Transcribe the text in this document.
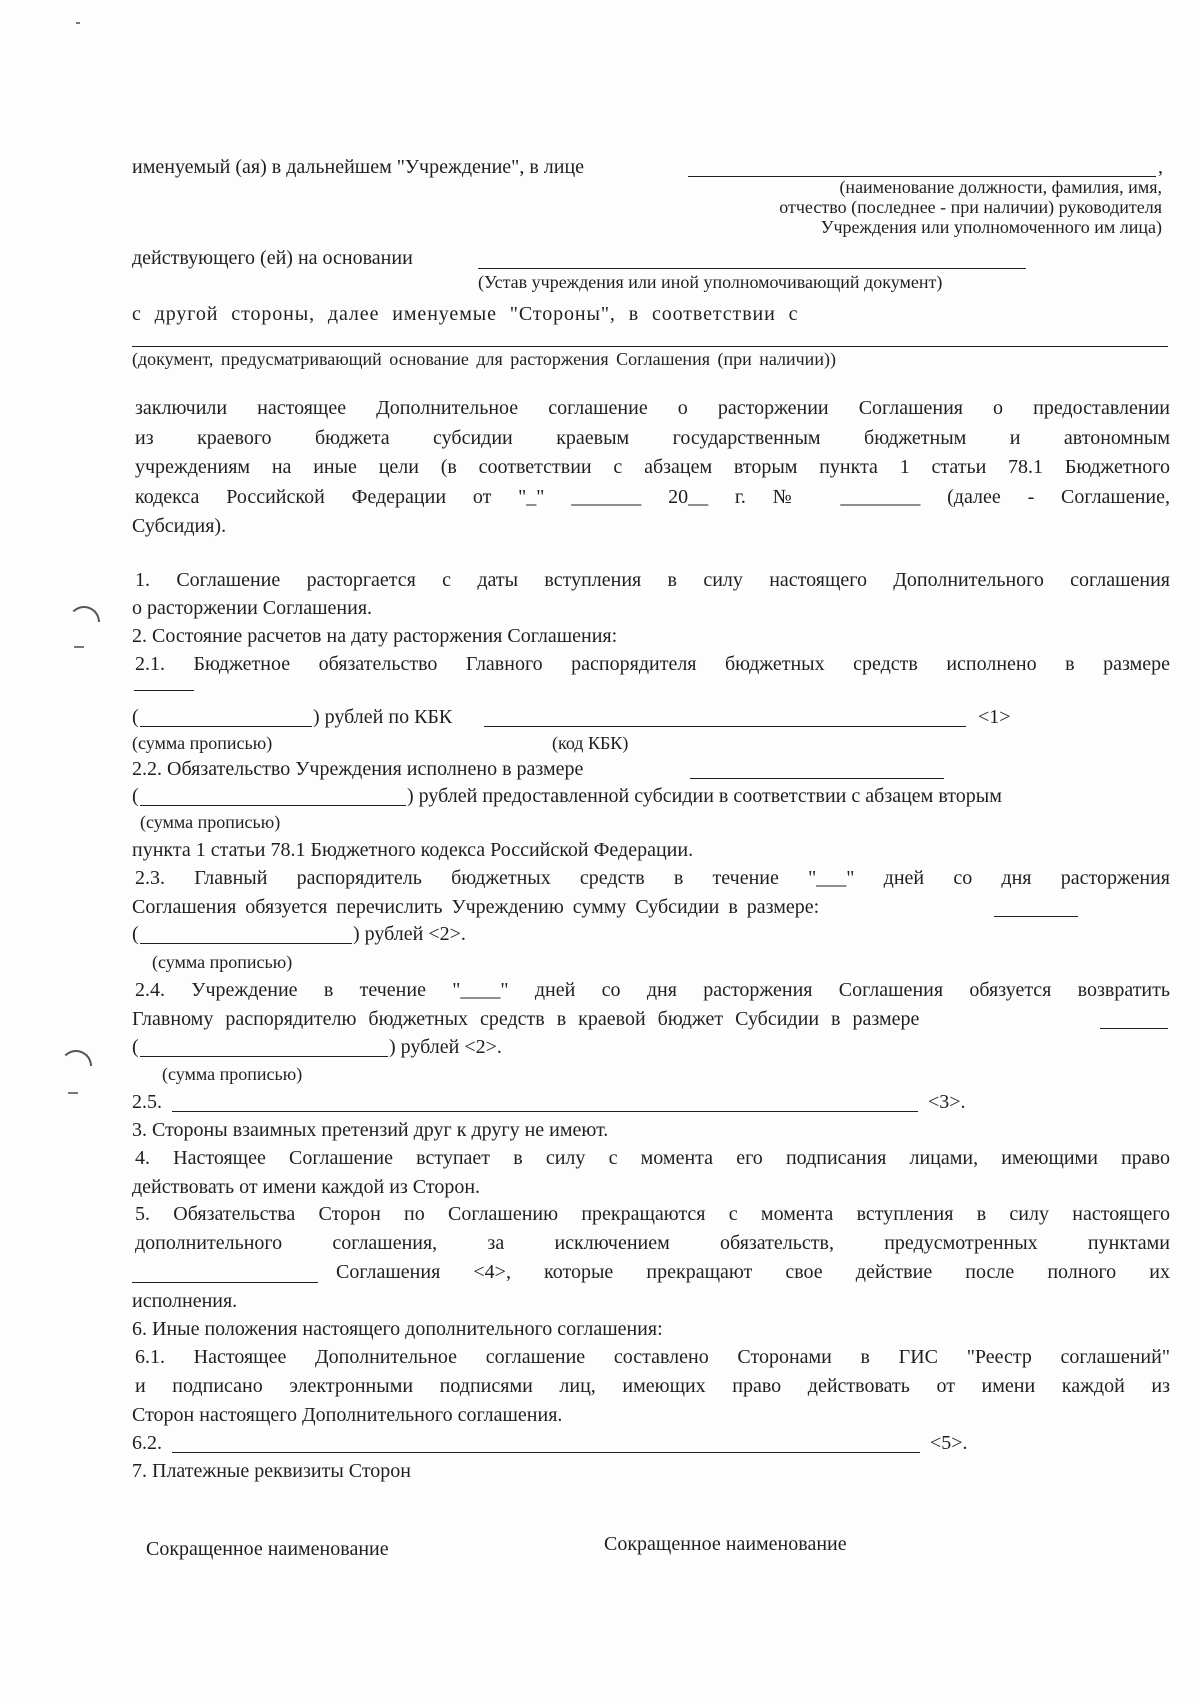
именуемый (ая) в дальнейшем "Учреждение", в лице	,
(наименование должности, фамилия, имя,
отчество (последнее - при наличии) руководителя
Учреждения или уполномоченного им лица)
действующего (ей) на основании
(Устав учреждения или иной уполномочивающий документ)
с другой стороны, далее именуемые "Стороны", в соответствии с
(документ, предусматривающий основание для расторжения Соглашения (при наличии))
заключили настоящее Дополнительное соглашение о расторжении Соглашения о предоставлении
из краевого бюджета субсидии краевым государственным бюджетным и автономным
учреждениям на иные цели (в соответствии с абзацем вторым пункта 1 статьи 78.1 Бюджетного
кодекса Российской Федерации от "_" _______ 20__ г. № ________ (далее - Соглашение,
Субсидия).
1. Соглашение расторгается с даты вступления в силу настоящего Дополнительного соглашения
о расторжении Соглашения.
2. Состояние расчетов на дату расторжения Соглашения:
2.1. Бюджетное обязательство Главного распорядителя бюджетных средств исполнено в размере
(	) рублей по КБК	<1>
(сумма прописью)	(код КБК)
2.2. Обязательство Учреждения исполнено в размере
(	) рублей предоставленной субсидии в соответствии с абзацем вторым
(сумма прописью)
пункта 1 статьи 78.1 Бюджетного кодекса Российской Федерации.
2.3. Главный распорядитель бюджетных средств в течение "___" дней со дня расторжения
Соглашения обязуется перечислить Учреждению сумму Субсидии в размере:
(	) рублей <2>.
(сумма прописью)
2.4. Учреждение в течение "____" дней со дня расторжения Соглашения обязуется возвратить
Главному распорядителю бюджетных средств в краевой бюджет Субсидии в размере
(	) рублей <2>.
(сумма прописью)
2.5.	<3>.
3. Стороны взаимных претензий друг к другу не имеют.
4. Настоящее Соглашение вступает в силу с момента его подписания лицами, имеющими право
действовать от имени каждой из Сторон.
5. Обязательства Сторон по Соглашению прекращаются с момента вступления в силу настоящего
дополнительного соглашения, за исключением обязательств, предусмотренных пунктами
Соглашения <4>, которые прекращают свое действие после полного их
исполнения.
6. Иные положения настоящего дополнительного соглашения:
6.1. Настоящее Дополнительное соглашение составлено Сторонами в ГИС "Реестр соглашений"
и подписано электронными подписями лиц, имеющих право действовать от имени каждой из
Сторон настоящего Дополнительного соглашения.
6.2.	<5>.
7. Платежные реквизиты Сторон
Сокращенное наименование	Сокращенное наименование
